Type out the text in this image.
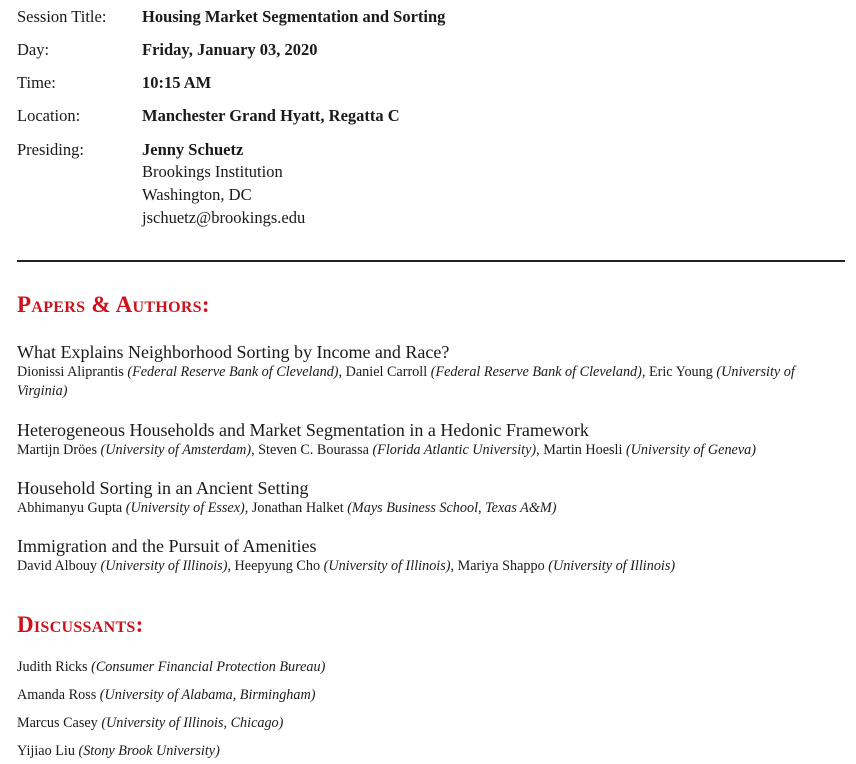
Session Title:	Housing Market Segmentation and Sorting
Day:	Friday, January 03, 2020
Time:	10:15 AM
Location:	Manchester Grand Hyatt, Regatta C
Presiding:	Jenny Schuetz
Brookings Institution
Washington, DC
jschuetz@brookings.edu
Papers & Authors:
What Explains Neighborhood Sorting by Income and Race?
Dionissi Aliprantis (Federal Reserve Bank of Cleveland), Daniel Carroll (Federal Reserve Bank of Cleveland), Eric Young (University of Virginia)
Heterogeneous Households and Market Segmentation in a Hedonic Framework
Martijn Dröes (University of Amsterdam), Steven C. Bourassa (Florida Atlantic University), Martin Hoesli (University of Geneva)
Household Sorting in an Ancient Setting
Abhimanyu Gupta (University of Essex), Jonathan Halket (Mays Business School, Texas A&M)
Immigration and the Pursuit of Amenities
David Albouy (University of Illinois), Heepyung Cho (University of Illinois), Mariya Shappo (University of Illinois)
Discussants:
Judith Ricks (Consumer Financial Protection Bureau)
Amanda Ross (University of Alabama, Birmingham)
Marcus Casey (University of Illinois, Chicago)
Yijiao Liu (Stony Brook University)
